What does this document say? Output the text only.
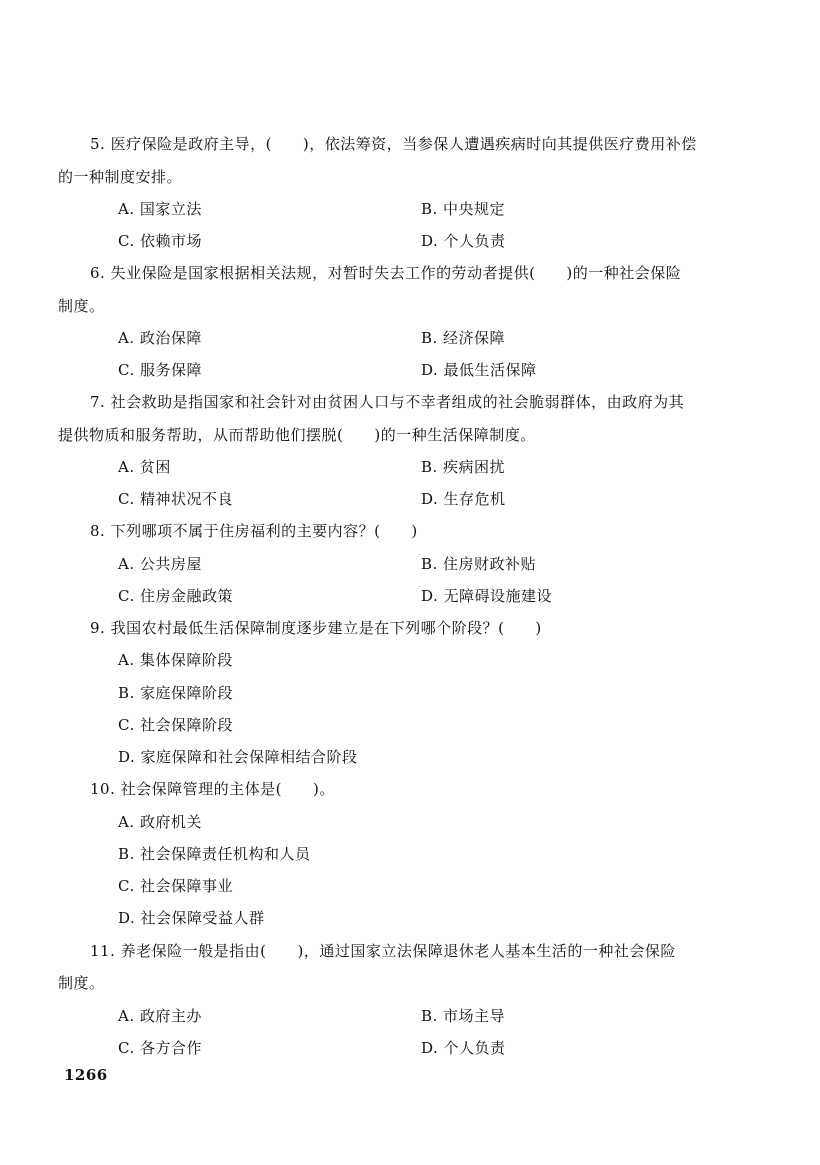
5. 医疗保险是政府主导，(　　)，依法筹资，当参保人遭遇疾病时向其提供医疗费用补偿
的一种制度安排。
A. 国家立法	B. 中央规定
C. 依赖市场	D. 个人负责
6. 失业保险是国家根据相关法规，对暂时失去工作的劳动者提供(　　)的一种社会保险
制度。
A. 政治保障	B. 经济保障
C. 服务保障	D. 最低生活保障
7. 社会救助是指国家和社会针对由贫困人口与不幸者组成的社会脆弱群体，由政府为其
提供物质和服务帮助，从而帮助他们摆脱(　　)的一种生活保障制度。
A. 贫困	B. 疾病困扰
C. 精神状况不良	D. 生存危机
8. 下列哪项不属于住房福利的主要内容？(　　)
A. 公共房屋	B. 住房财政补贴
C. 住房金融政策	D. 无障碍设施建设
9. 我国农村最低生活保障制度逐步建立是在下列哪个阶段？(　　)
A. 集体保障阶段
B. 家庭保障阶段
C. 社会保障阶段
D. 家庭保障和社会保障相结合阶段
10. 社会保障管理的主体是(　　)。
A. 政府机关
B. 社会保障责任机构和人员
C. 社会保障事业
D. 社会保障受益人群
11. 养老保险一般是指由(　　)，通过国家立法保障退休老人基本生活的一种社会保险
制度。
A. 政府主办	B. 市场主导
C. 各方合作	D. 个人负责
1266
